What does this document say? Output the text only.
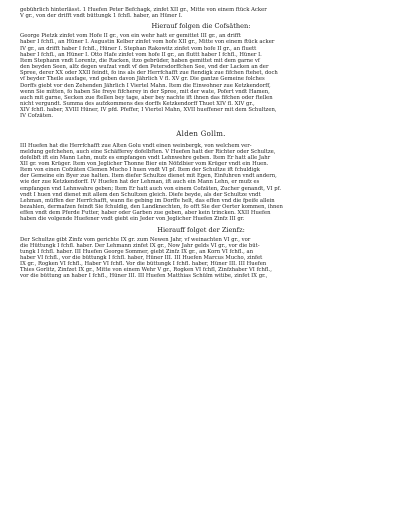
gebührlich hinterlässt. 1 Huefen Peter Befchagk, zinfet XII gr., Mitte von einem ftück Acker
V gr., von der drifft vndt büttungk 1 fchfl. haber, an Hüner I.
Hierauf folgen die Cofsäthen:
George Pietzk zinfet vom Hofe II gr., von ein wehr hatt er gemittet III gr., an drifft
haber I fchfl., an Hüner I. Augustin Kelber zinfet vom hofe XII gr., Mitte von einem ftück acker
IV gr., an drifft haber I fchfl., Hüner I. Stephan Rakowitz zinfet vom hofe II gr., an fluett
haber I fchfl., an Hüner I. Otto Hafe zinfet vom hofe II gr., an fluttt haber I fchfl., Hüner I.
Item Stephann vndt Lorentz, die Racken, itzo gebrüder, haben gemittet mit dem garne vf
den beyden Seen, alfz degen wufzat vndt vf den Petersdorffchen See, vnd der Lacken an der
Spree, derer XX oder XXII feindt, fo ins als der Herrfchafft zue ftendigk zue fifchen ftehet, doch
vf beyder Theile ausfage, vnd geben davon Jährlich V fl. XV gr. Die gantze Gemeine folches
Dorffs giebt vor den Zehenden Jährlich I Viertel Mahn. Item die Einwohner zue Ketzkendorff,
wenn Sie mitten, fo haben Sie freye fifcherey in der Spree, mit der wate, Pofert vndt Hamen,
auch mit garne, Secken zue ftellen bey tage, aber bey nachte ift ihnen das fifchen oder ftellen
nicht vergundt. Summa des aufzkommens des dorffs Ketzkendorff Thuet XIV fl. XIV gr.,
XIV fchfl. haber, XVIII Hüner, IV pfd. Pfeffer, I Viertel Mahn, XVII hueffener mit dem Schultzen,
IV Cofzäten.
Alden Gollm.
III Huefen hat die Herrfchafft zue Alten Golu vndt einen weinbergk, von welchem ver-
meldung gefchehen, auch eine Schäfferey dofelbften. V Huefen hatt der Richter oder Schultze,
dofelbft ift ein Mann Lehn, mufz es empfangen vndt Lehnwehre geben. Item Er hatt alle Jahr
XII gr. vom Krüger. Item von Jeglicher Thonne Bier ein Nöfzlbier vom Krüger vndt ein Huen.
Item von einen Cofzäten Clemen Mucho I huen vndt VI pf. Item der Schultze ift fchuldigk
der Gemeine ein Byer zue halten. Item diefer Schultze dienet mit Egen, Einfuhren vndt andern,
wie der zue Ketzkendorff. IV Huefen hat der Lehman, ift auch ein Mann Lehn, er mufz es
empfangen vnd Lehnwahre geben; Item Er hatt auch von einem Cofzäten, Zucher genandt, VI pf.
vndt I huen vnd dienet mit allem den Schultzen gleich. Diefe beyde, als der Schultze vndt
Lehman, müffen der Herrfchafft, wann fie gebing im Dorffe helt, das effen vnd die fpeife allein
bezahlen, dermafzen feindt Sie fchuldig, den Landknechten, fo offt Sie der Oerter kommen, ihnen
effen vndt dem Pferde Futter, haber oder Garben zue geben, aber kein trincken. XXII Huefen
haben die volgende Huefener vndt giebt ein Jeder von Jeglicher Huefen Zinfz III gr.
Hierauff folget der Zienfz:
Der Schultze gibt Zinfz vom gerichte IX gr. zum Newen Jahr, vf weinachten VI gr., vor
die Hüttungk I fchfl. haber. Der Lehmann zinfet IX gr., Now Jahr gelds VI gr., vor die büt-
tungk I fchfl. haber. III Huefen George Sommer, giebt Zinfz IX gr., an Korn VI fchfl., an
haber VI fchfl., vor die büttungk I fchfl. haber, Hüner III. III Huefen Marcus Mucho, zinfet
IX gr., Rogken VI fchfl., Haber VI fchfl. Vor die büttungk I fchfl. haber, Hüner III. III Huefen
Thies Gorlitz, Zinfzet IX gr., Mitte von einem Wehr V gr., Rogken VI fchfl, Zinfzhaber VI fchfl.,
vor die büttung an haber I fchfl., Hüner III. III Huefen Matthias Schülm witibe, zinfet IX gr.,
